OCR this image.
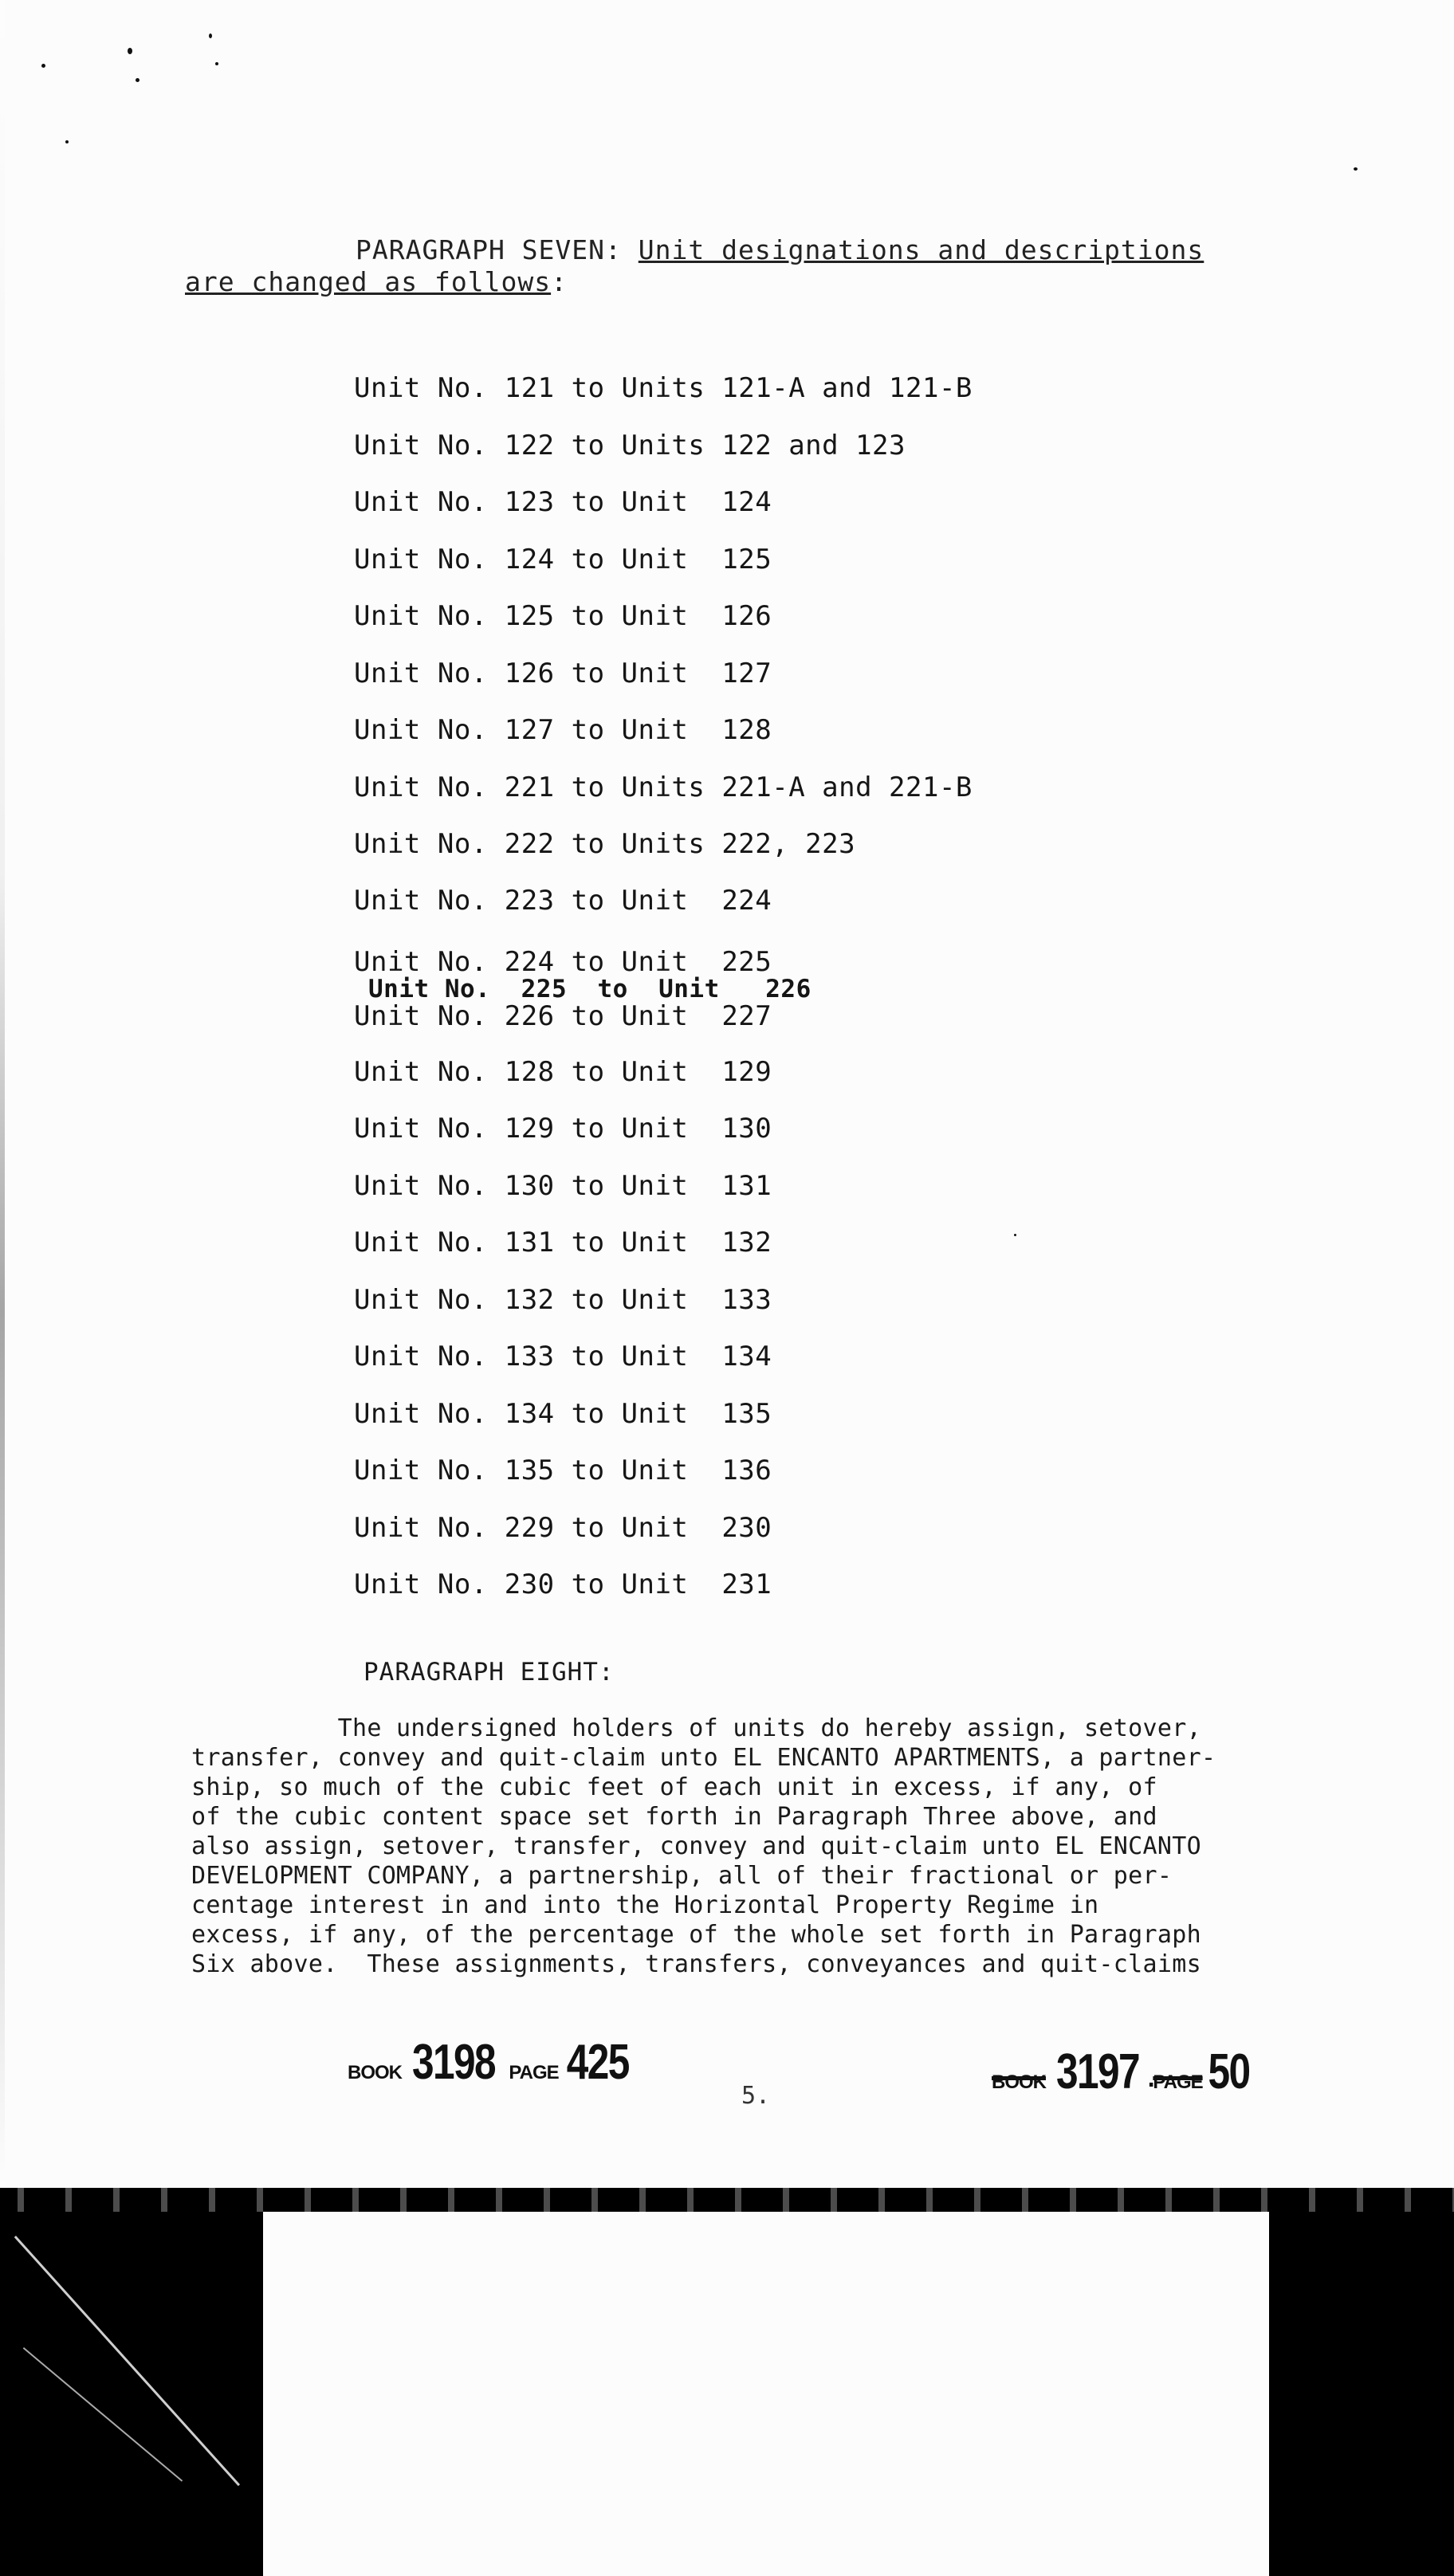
PARAGRAPH SEVEN: Unit designations and descriptions
are changed as follows:
Unit No. 121 to Units 121-A and 121-B
Unit No. 122 to Units 122 and 123
Unit No. 123 to Unit  124
Unit No. 124 to Unit  125
Unit No. 125 to Unit  126
Unit No. 126 to Unit  127
Unit No. 127 to Unit  128
Unit No. 221 to Units 221-A and 221-B
Unit No. 222 to Units 222, 223
Unit No. 223 to Unit  224
Unit No. 224 to Unit  225
Unit No.  225  to  Unit   226
Unit No. 226 to Unit  227
Unit No. 128 to Unit  129
Unit No. 129 to Unit  130
Unit No. 130 to Unit  131
Unit No. 131 to Unit  132
Unit No. 132 to Unit  133
Unit No. 133 to Unit  134
Unit No. 134 to Unit  135
Unit No. 135 to Unit  136
Unit No. 229 to Unit  230
Unit No. 230 to Unit  231
PARAGRAPH EIGHT:
The undersigned holders of units do hereby assign, setover,
transfer, convey and quit-claim unto EL ENCANTO APARTMENTS, a partner-
ship, so much of the cubic feet of each unit in excess, if any, of
of the cubic content space set forth in Paragraph Three above, and
also assign, setover, transfer, convey and quit-claim unto EL ENCANTO
DEVELOPMENT COMPANY, a partnership, all of their fractional or per-
centage interest in and into the Horizontal Property Regime in
excess, if any, of the percentage of the whole set forth in Paragraph
Six above.  These assignments, transfers, conveyances and quit-claims
BOOK 3198 PAGE 425
5.	BOOK 3197 PAGE 50
